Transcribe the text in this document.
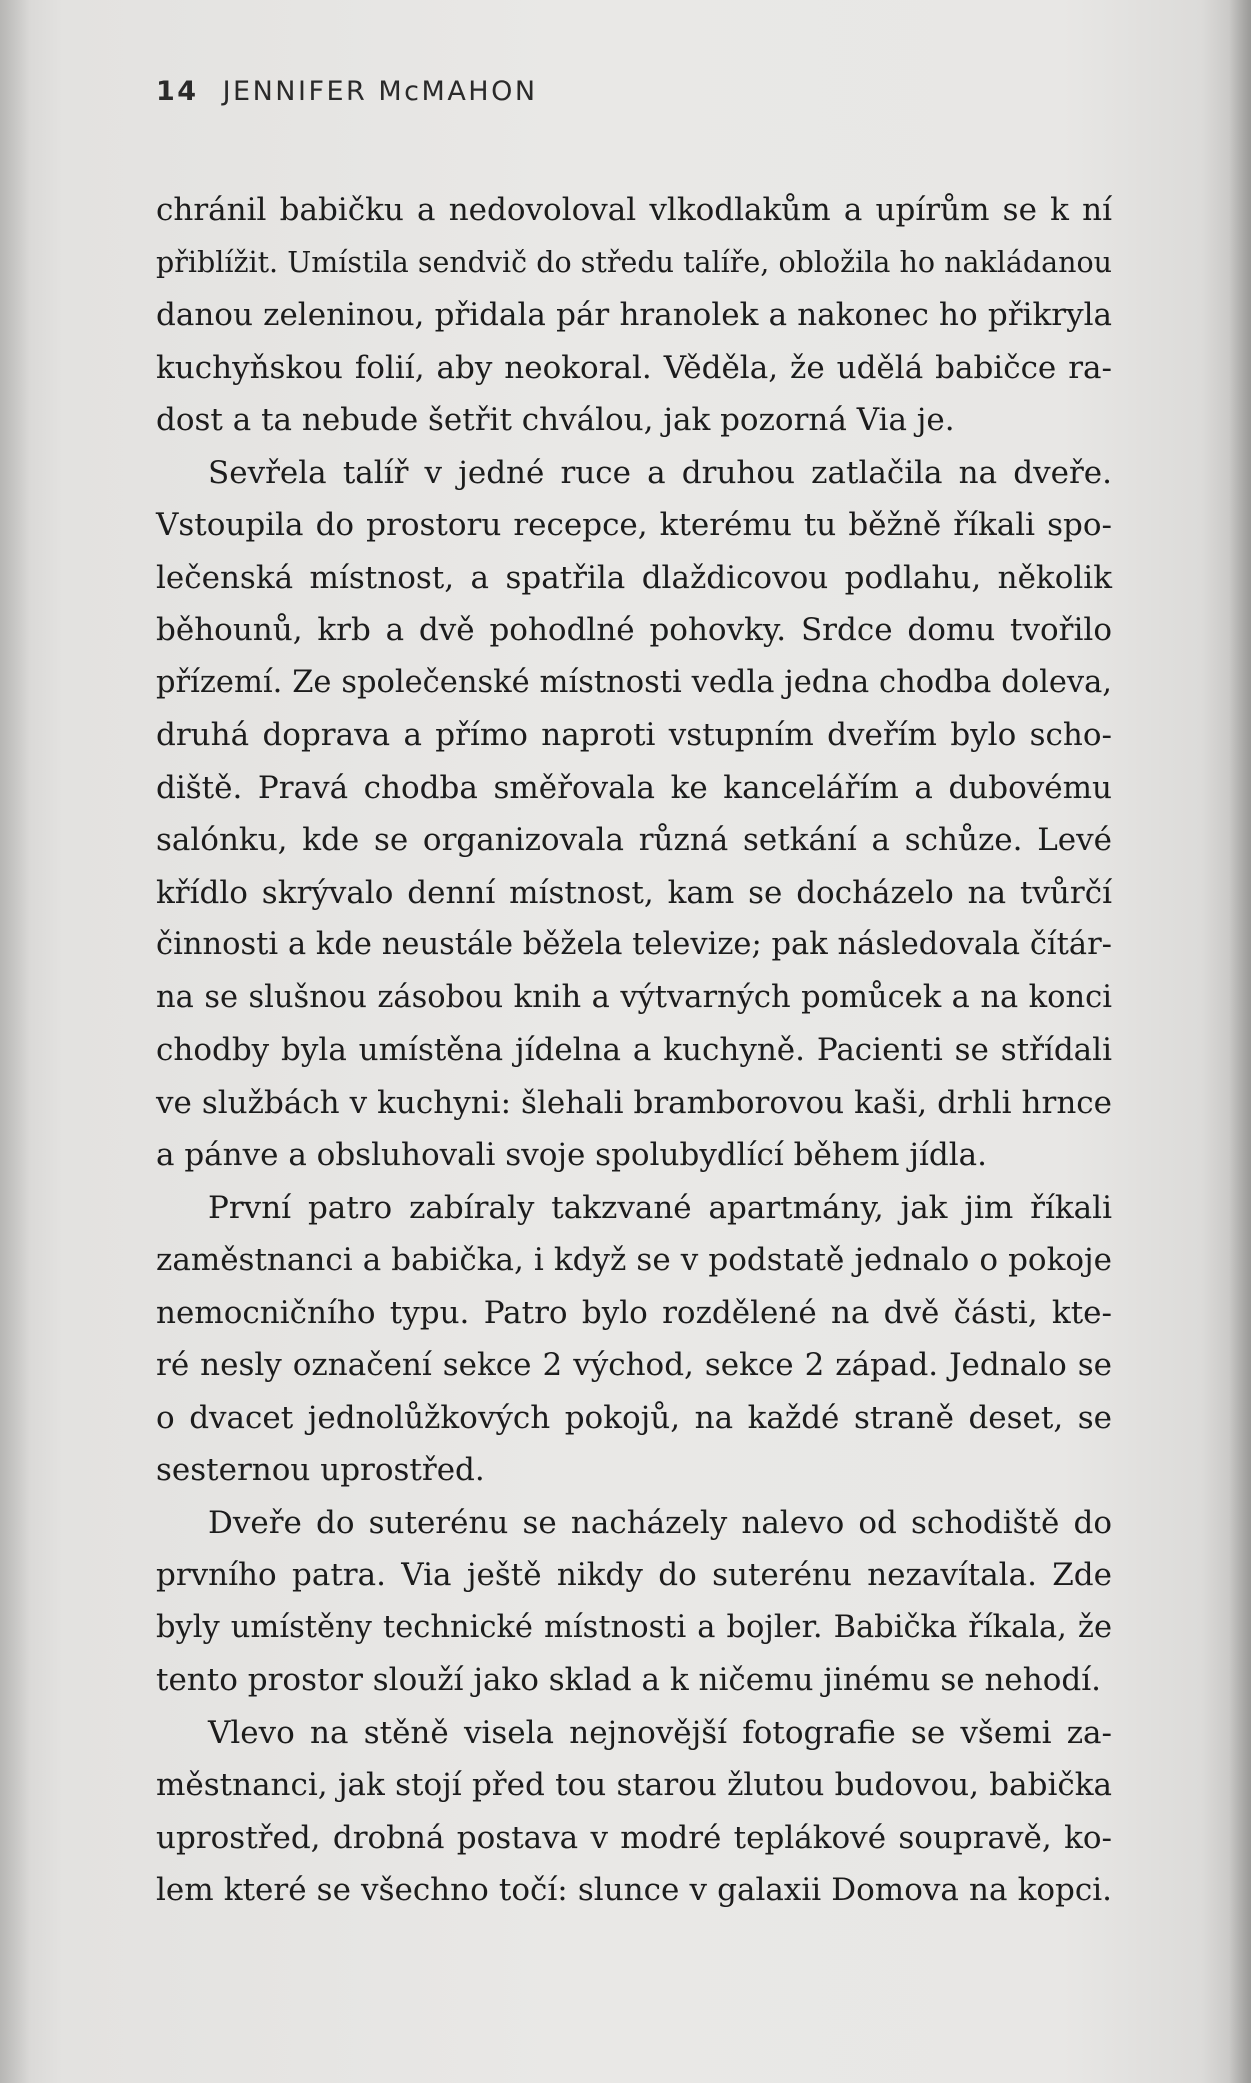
14 JENNIFER McMAHON
chránil babičku a nedovoloval vlkodlakům a upírům se k ní
přiblížit. Umístila sendvič do středu talíře, obložila ho nakládanou
danou zeleninou, přidala pár hranolek a nakonec ho přikryla
kuchyňskou folií, aby neokoral. Věděla, že udělá babičce ra-
dost a ta nebude šetřit chválou, jak pozorná Via je.
Sevřela talíř v jedné ruce a druhou zatlačila na dveře.
Vstoupila do prostoru recepce, kterému tu běžně říkali spo-
lečenská místnost, a spatřila dlaždicovou podlahu, několik
běhounů, krb a dvě pohodlné pohovky. Srdce domu tvořilo
přízemí. Ze společenské místnosti vedla jedna chodba doleva,
druhá doprava a přímo naproti vstupním dveřím bylo scho-
diště. Pravá chodba směřovala ke kancelářím a dubovému
salónku, kde se organizovala různá setkání a schůze. Levé
křídlo skrývalo denní místnost, kam se docházelo na tvůrčí
činnosti a kde neustále běžela televize; pak následovala čítár-
na se slušnou zásobou knih a výtvarných pomůcek a na konci
chodby byla umístěna jídelna a kuchyně. Pacienti se střídali
ve službách v kuchyni: šlehali bramborovou kaši, drhli hrnce
a pánve a obsluhovali svoje spolubydlící během jídla.
První patro zabíraly takzvané apartmány, jak jim říkali
zaměstnanci a babička, i když se v podstatě jednalo o pokoje
nemocničního typu. Patro bylo rozdělené na dvě části, kte-
ré nesly označení sekce 2 východ, sekce 2 západ. Jednalo se
o dvacet jednolůžkových pokojů, na každé straně deset, se
sesternou uprostřed.
Dveře do suterénu se nacházely nalevo od schodiště do
prvního patra. Via ještě nikdy do suterénu nezavítala. Zde
byly umístěny technické místnosti a bojler. Babička říkala, že
tento prostor slouží jako sklad a k ničemu jinému se nehodí.
Vlevo na stěně visela nejnovější fotografie se všemi za-
městnanci, jak stojí před tou starou žlutou budovou, babička
uprostřed, drobná postava v modré teplákové soupravě, ko-
lem které se všechno točí: slunce v galaxii Domova na kopci.
